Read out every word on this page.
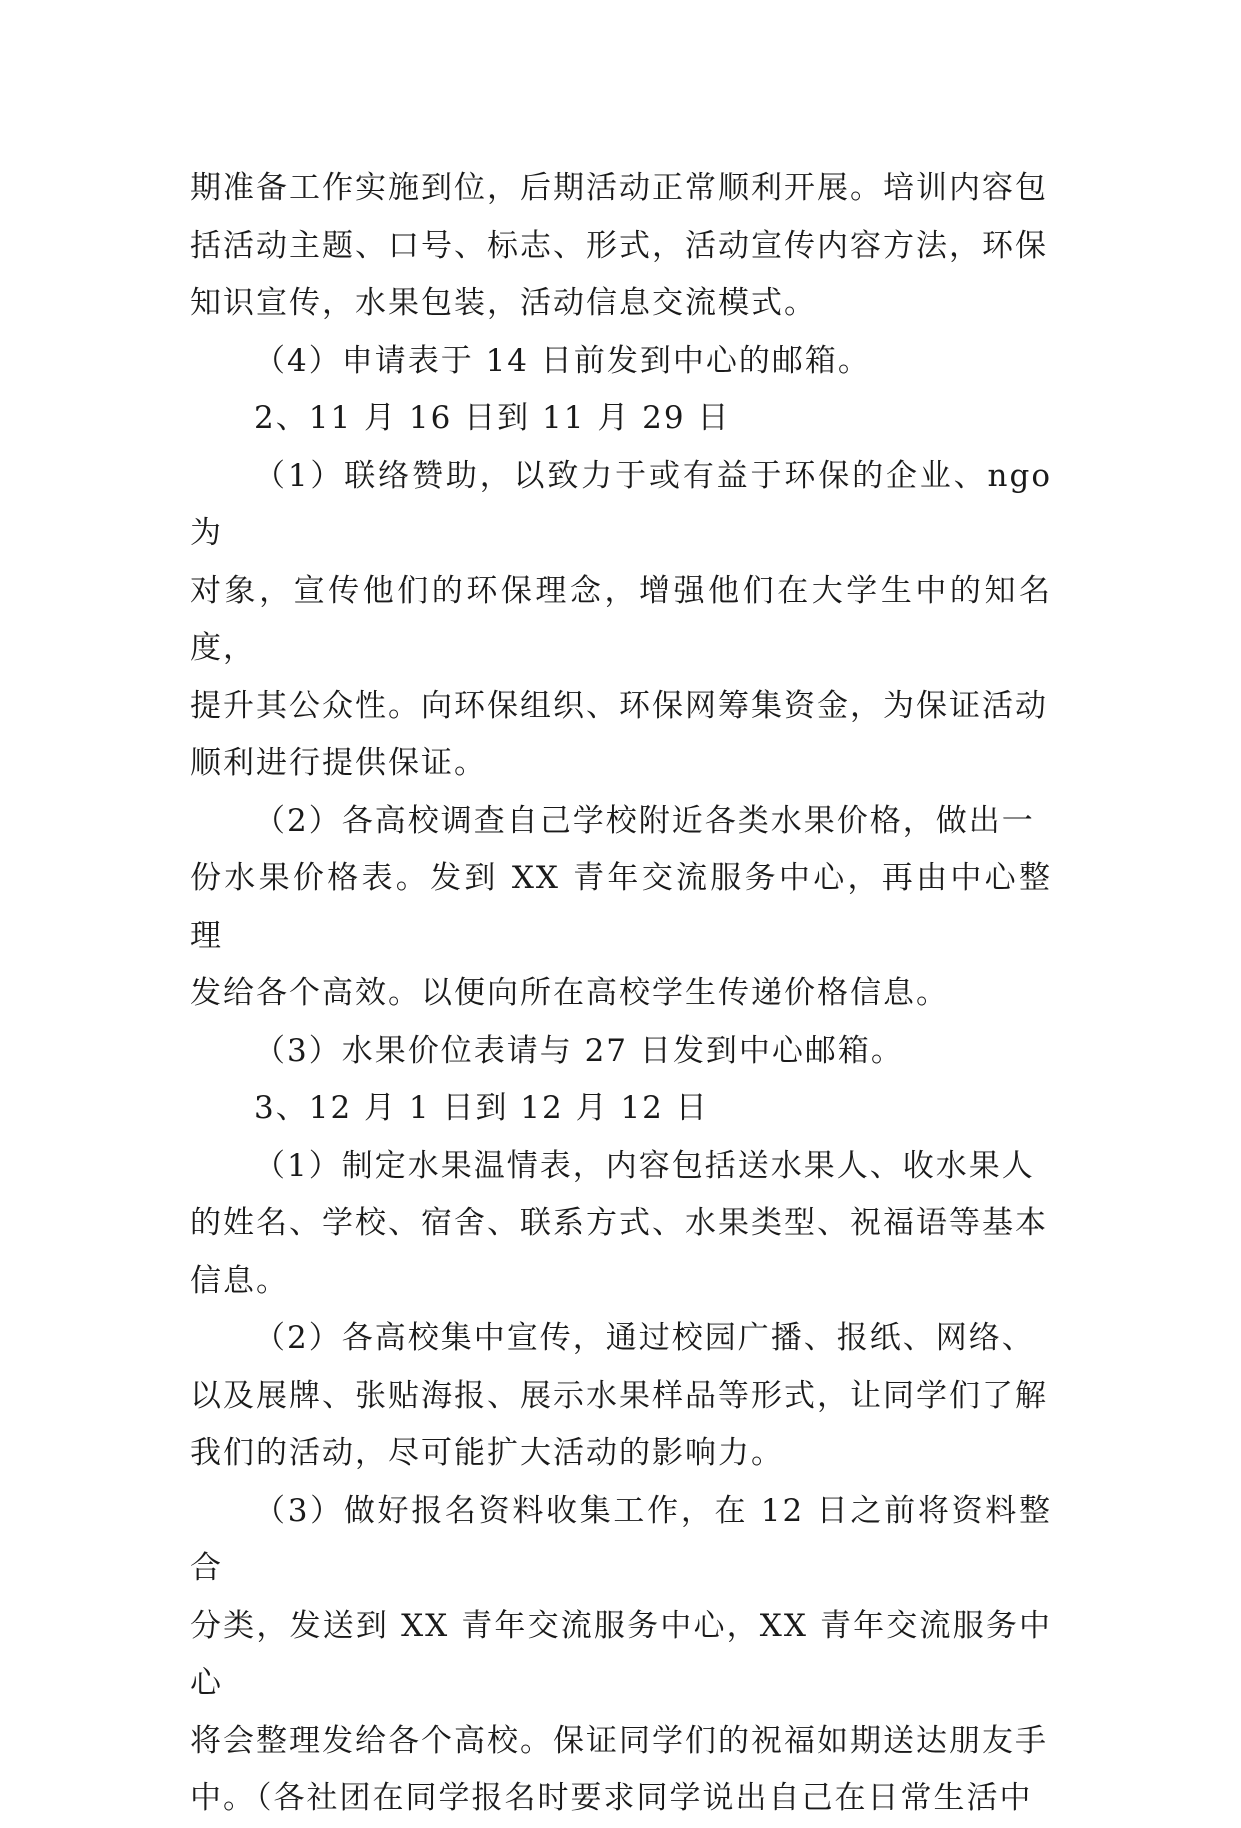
期准备工作实施到位，后期活动正常顺利开展。培训内容包
括活动主题、口号、标志、形式，活动宣传内容方法，环保
知识宣传，水果包装，活动信息交流模式。

（4）申请表于 14 日前发到中心的邮箱。

2、11 月 16 日到 11 月 29 日

（1）联络赞助，以致力于或有益于环保的企业、ngo 为
对象，宣传他们的环保理念，增强他们在大学生中的知名度，
提升其公众性。向环保组织、环保网筹集资金，为保证活动
顺利进行提供保证。

（2）各高校调查自己学校附近各类水果价格，做出一
份水果价格表。发到 XX 青年交流服务中心，再由中心整理
发给各个高效。以便向所在高校学生传递价格信息。

（3）水果价位表请与 27 日发到中心邮箱。

3、12 月 1 日到 12 月 12 日

（1）制定水果温情表，内容包括送水果人、收水果人
的姓名、学校、宿舍、联系方式、水果类型、祝福语等基本
信息。

（2）各高校集中宣传，通过校园广播、报纸、网络、
以及展牌、张贴海报、展示水果样品等形式，让同学们了解
我们的活动，尽可能扩大活动的影响力。

（3）做好报名资料收集工作，在 12 日之前将资料整合
分类，发送到 XX 青年交流服务中心，XX 青年交流服务中心
将会整理发给各个高校。保证同学们的祝福如期送达朋友手
中。（各社团在同学报名时要求同学说出自己在日常生活中
